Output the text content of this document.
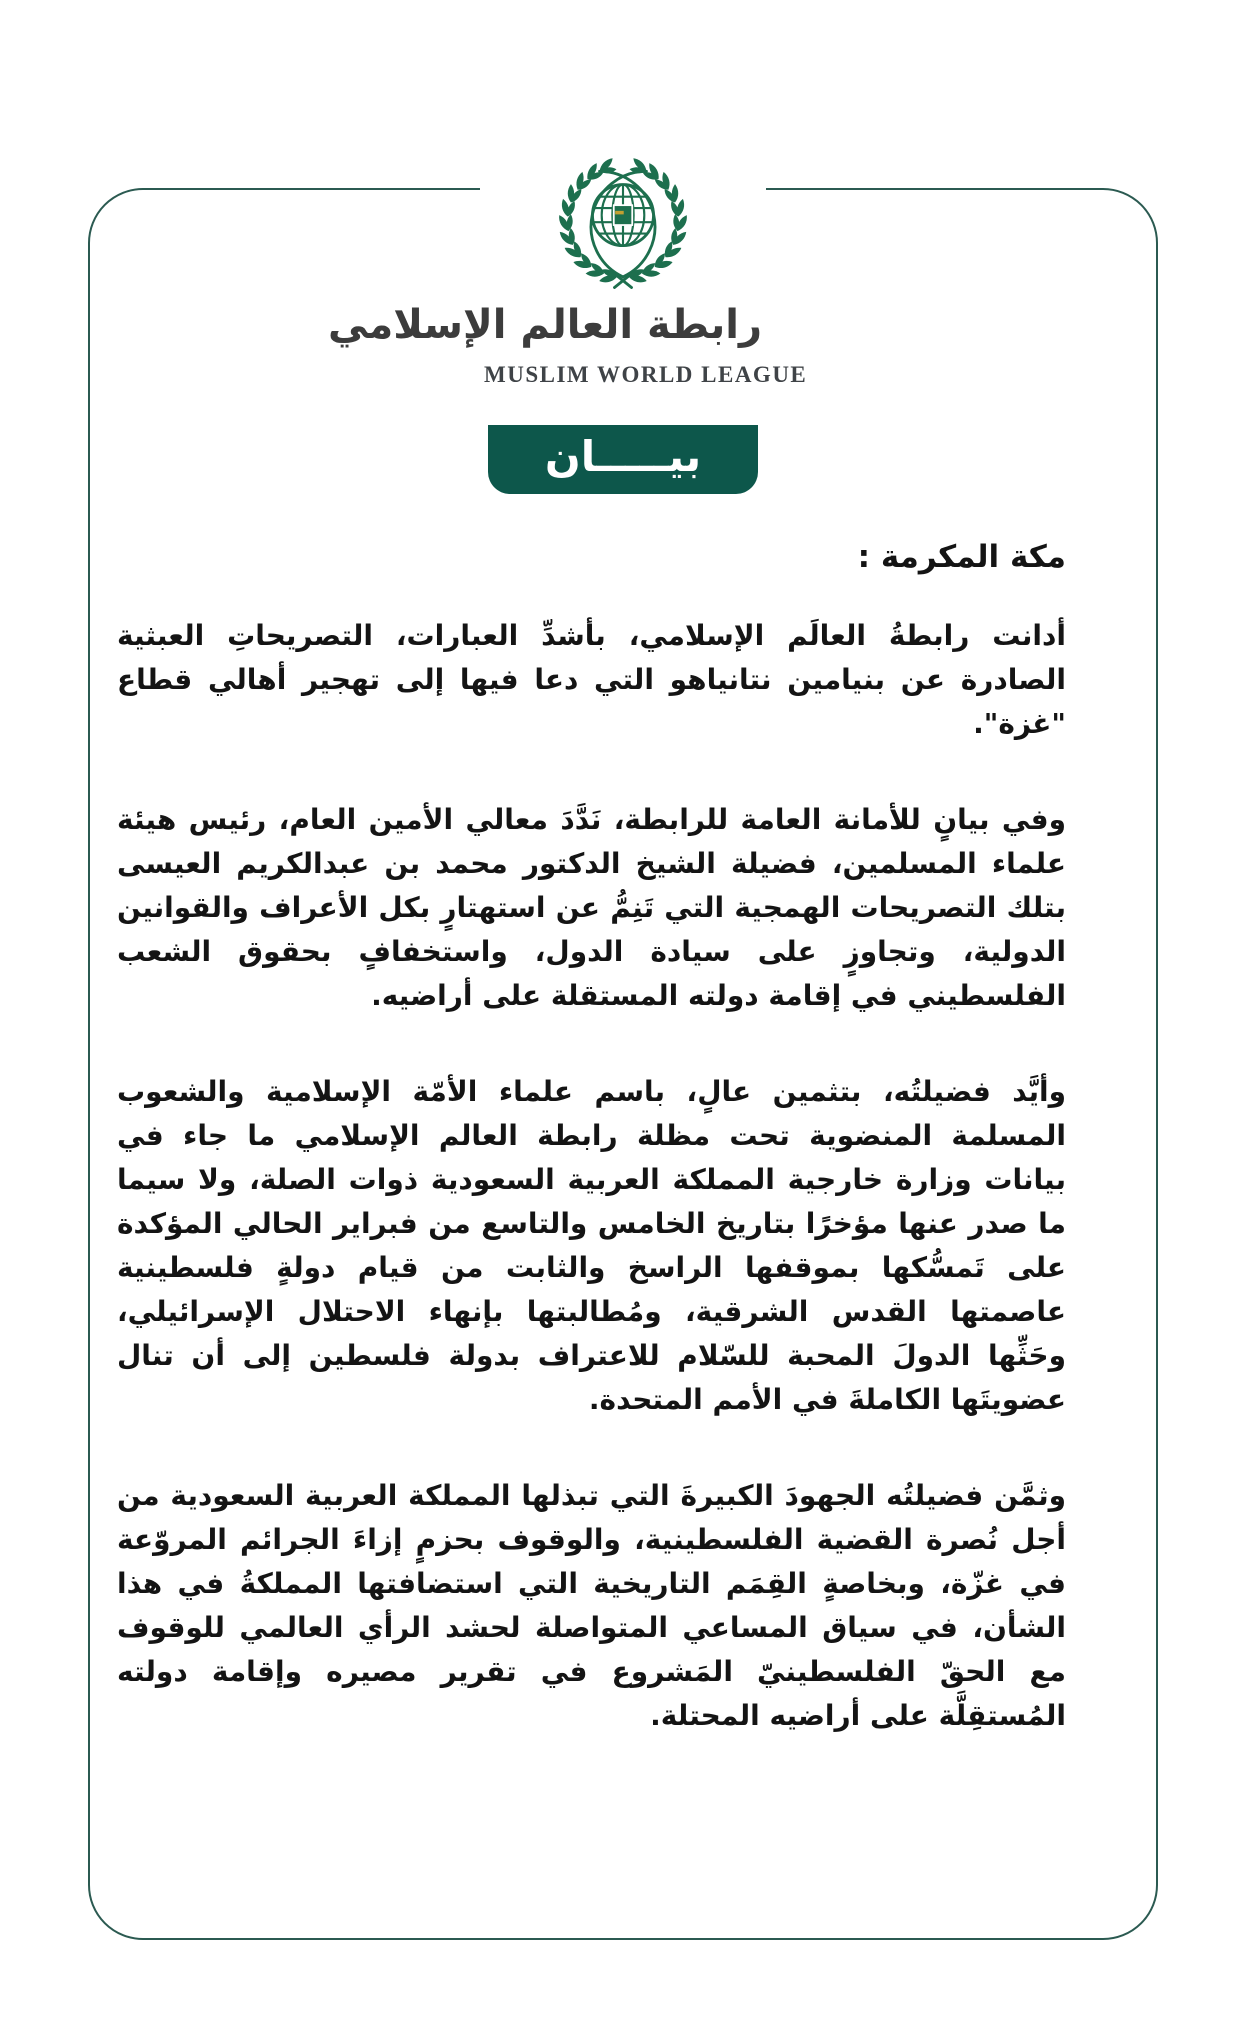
رابطة العالم الإسلامي
MUSLIM WORLD LEAGUE
بيـــــان
مكة المكرمة :

أدانت رابطةُ العالَم الإسلامي، بأشدِّ العبارات، التصريحاتِ العبثية الصادرة عن بنيامين نتانياهو التي دعا فيها إلى تهجير أهالي قطاع "غزة".

وفي بيانٍ للأمانة العامة للرابطة، نَدَّدَ معالي الأمين العام، رئيس هيئة علماء المسلمين، فضيلة الشيخ الدكتور محمد بن عبدالكريم العيسى بتلك التصريحات الهمجية التي تَنِمُّ عن استهتارٍ بكل الأعراف والقوانين الدولية، وتجاوزٍ على سيادة الدول، واستخفافٍ بحقوق الشعب الفلسطيني في إقامة دولته المستقلة على أراضيه.

وأيَّد فضيلتُه، بتثمين عالٍ، باسم علماء الأمّة الإسلامية والشعوب المسلمة المنضوية تحت مظلة رابطة العالم الإسلامي ما جاء في بيانات وزارة خارجية المملكة العربية السعودية ذوات الصلة، ولا سيما ما صدر عنها مؤخرًا بتاريخ الخامس والتاسع من فبراير الحالي المؤكدة على تَمسُّكها بموقفها الراسخ والثابت من قيام دولةٍ فلسطينية عاصمتها القدس الشرقية، ومُطالبتها بإنهاء الاحتلال الإسرائيلي، وحَثِّها الدولَ المحبة للسّلام للاعتراف بدولة فلسطين إلى أن تنال عضويتَها الكاملةَ في الأمم المتحدة.

وثمَّن فضيلتُه الجهودَ الكبيرةَ التي تبذلها المملكة العربية السعودية من أجل نُصرة القضية الفلسطينية، والوقوف بحزمٍ إزاءَ الجرائم المروّعة في غزّة، وبخاصةٍ القِمَم التاريخية التي استضافتها المملكةُ في هذا الشأن، في سياق المساعي المتواصلة لحشد الرأي العالمي للوقوف مع الحقّ الفلسطينيّ المَشروع في تقرير مصيره وإقامة دولته المُستقِلَّة على أراضيه المحتلة.
